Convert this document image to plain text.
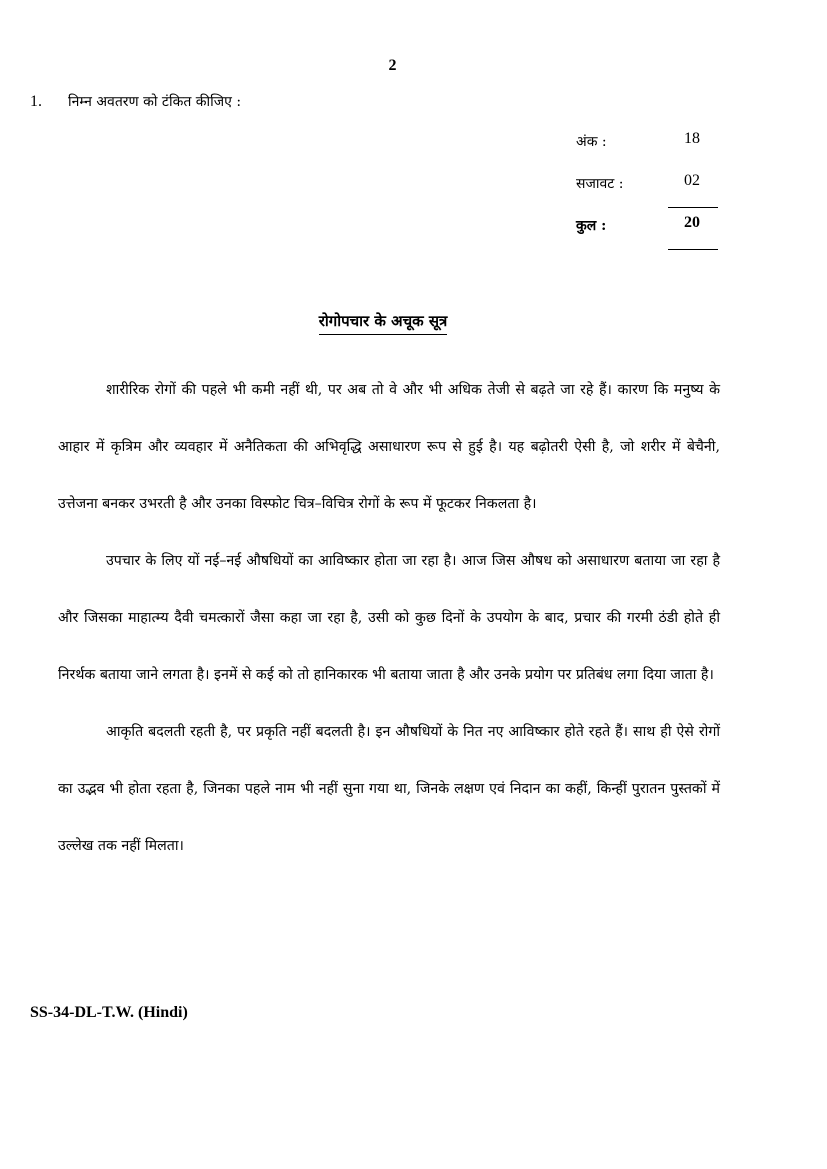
2
1. निम्न अवतरण को टंकित कीजिए :
अंक :	18
सजावट :	02
कुल :	20
रोगोपचार के अचूक सूत्र

शारीरिक रोगों की पहले भी कमी नहीं थी, पर अब तो वे और भी अधिक तेजी से बढ़ते जा रहे हैं। कारण कि मनुष्य के आहार में कृत्रिम और व्यवहार में अनैतिकता की अभिवृद्धि असाधारण रूप से हुई है। यह बढ़ोतरी ऐसी है, जो शरीर में बेचैनी, उत्तेजना बनकर उभरती है और उनका विस्फोट चित्र–विचित्र रोगों के रूप में फूटकर निकलता है।

उपचार के लिए यों नई–नई औषधियों का आविष्कार होता जा रहा है। आज जिस औषध को असाधारण बताया जा रहा है और जिसका माहात्म्य दैवी चमत्कारों जैसा कहा जा रहा है, उसी को कुछ दिनों के उपयोग के बाद, प्रचार की गरमी ठंडी होते ही निरर्थक बताया जाने लगता है। इनमें से कई को तो हानिकारक भी बताया जाता है और उनके प्रयोग पर प्रतिबंध लगा दिया जाता है।

आकृति बदलती रहती है, पर प्रकृति नहीं बदलती है। इन औषधियों के नित नए आविष्कार होते रहते हैं। साथ ही ऐसे रोगों का उद्भव भी होता रहता है, जिनका पहले नाम भी नहीं सुना गया था, जिनके लक्षण एवं निदान का कहीं, किन्हीं पुरातन पुस्तकों में उल्लेख तक नहीं मिलता।

SS-34-DL-T.W. (Hindi)
